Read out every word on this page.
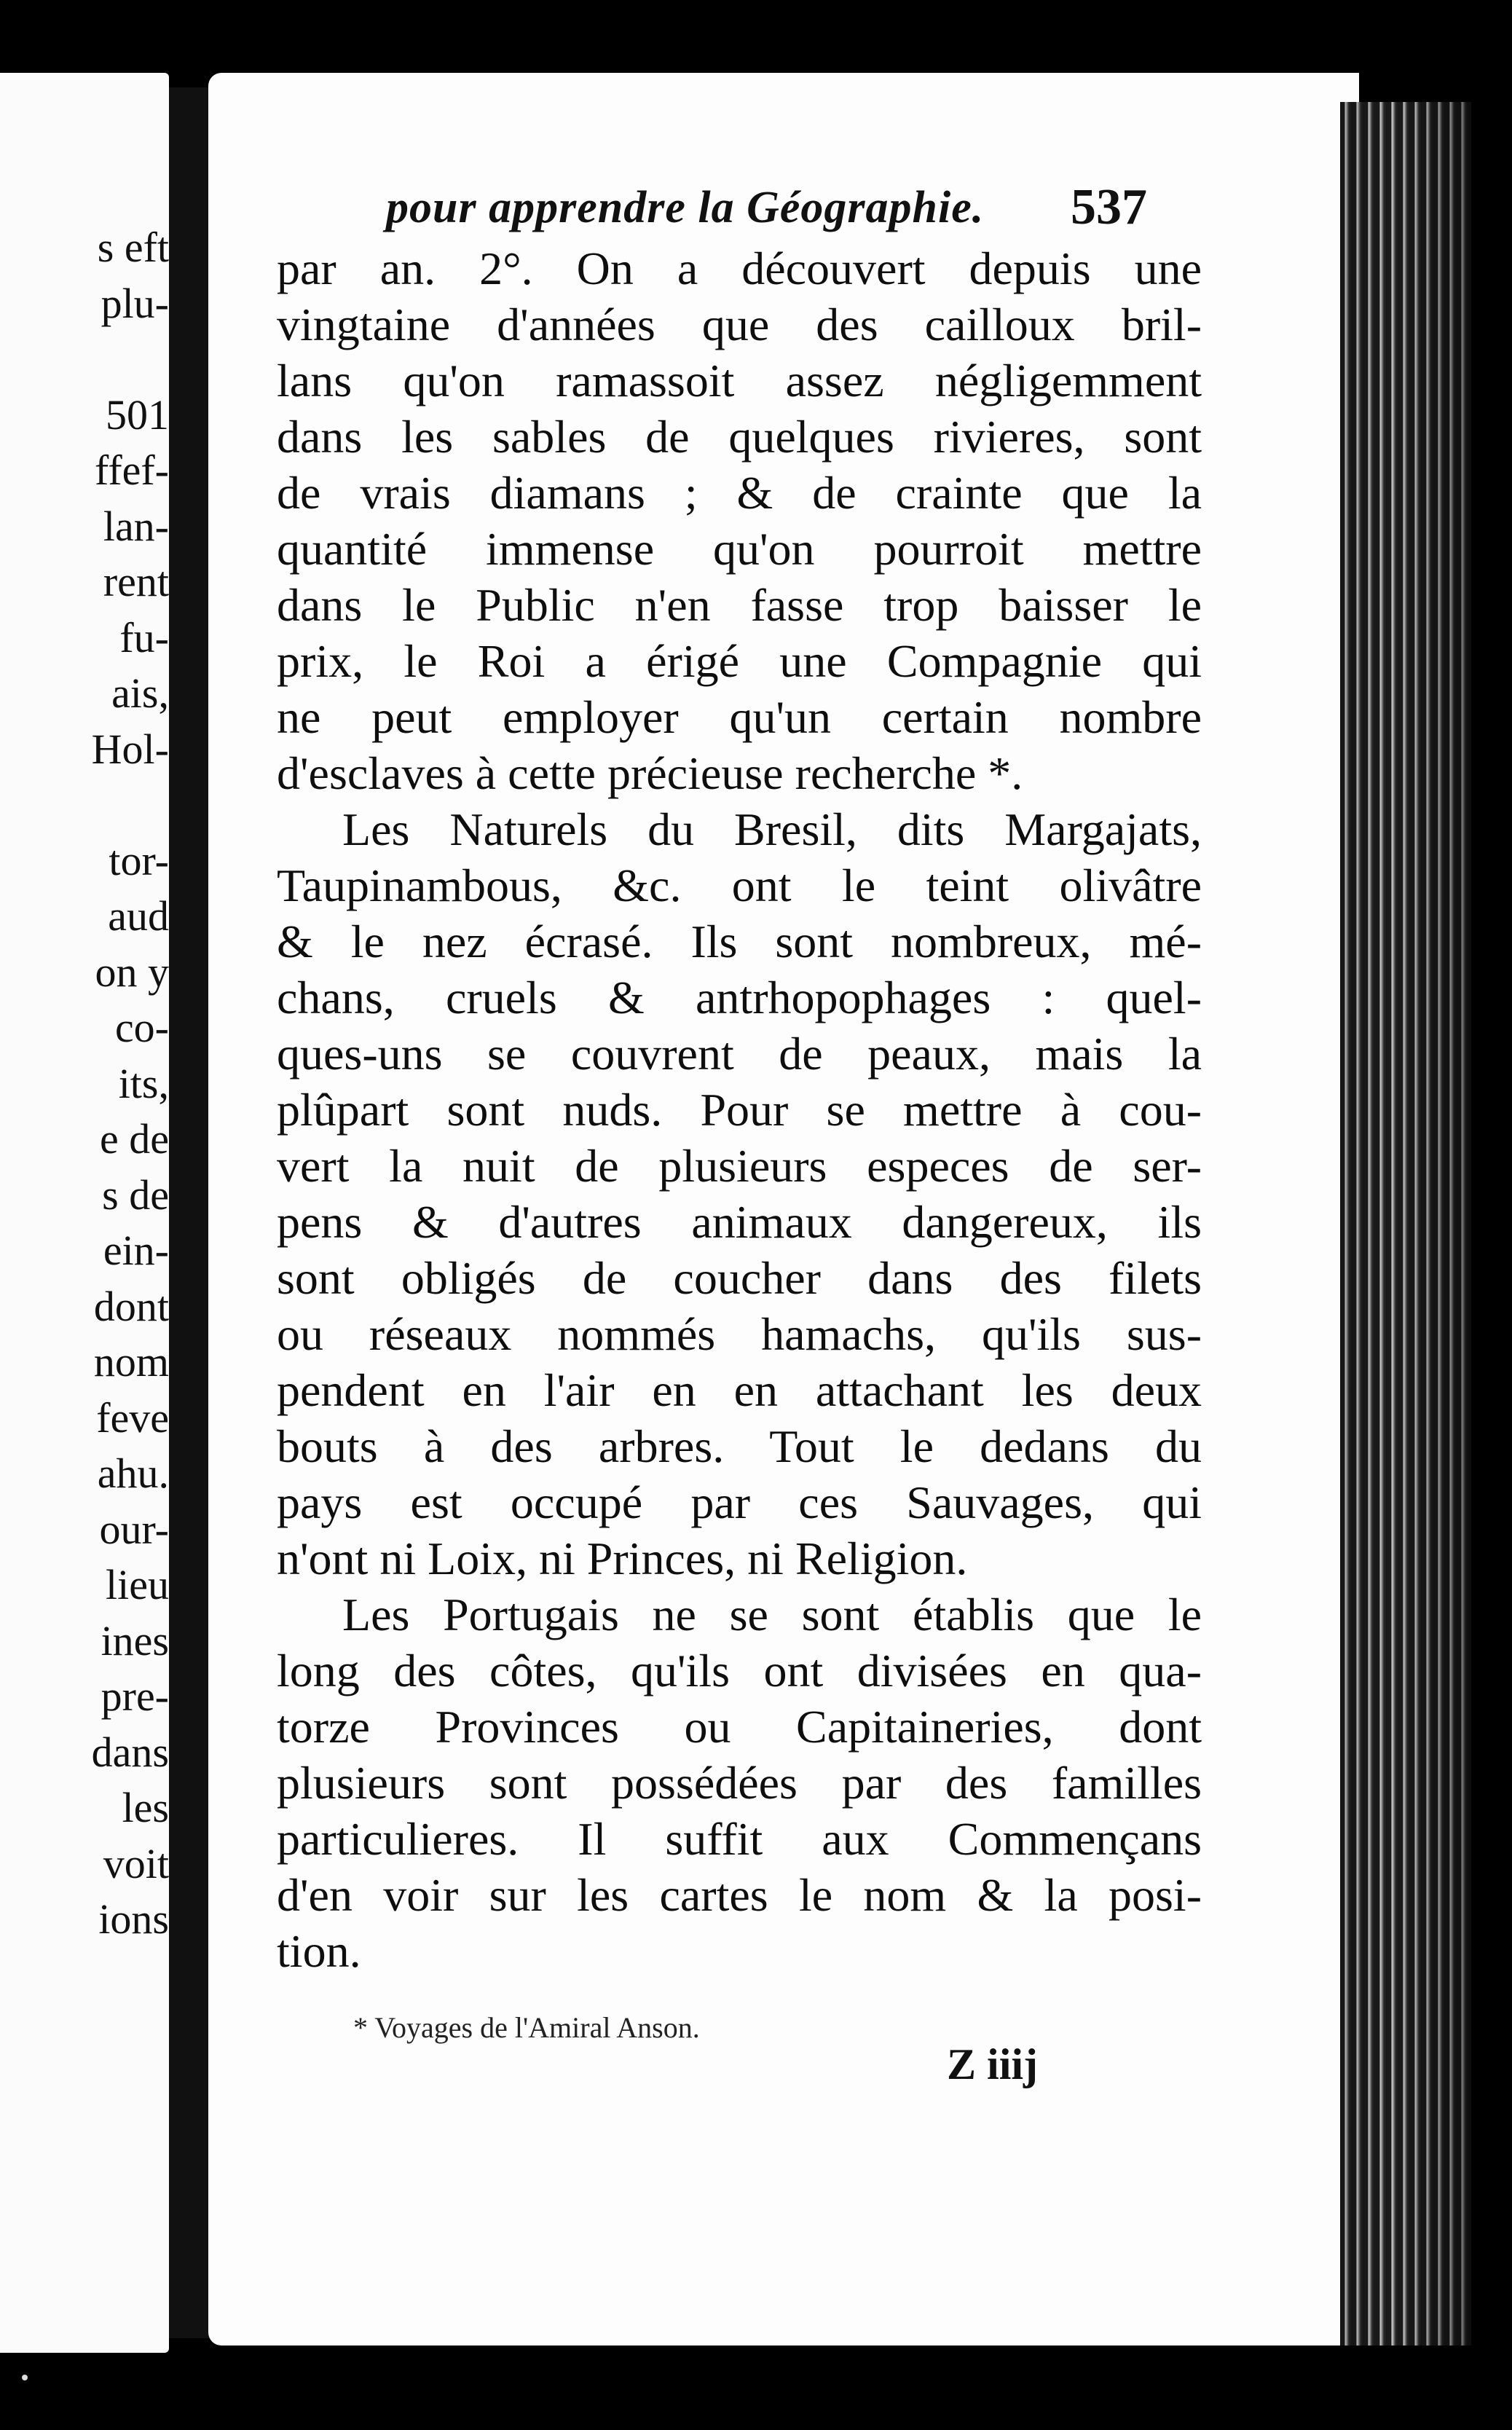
s eft
plu-
501
ffef-
lan-
rent
fu-
ais,
Hol-
tor-
aud
on y
co-
its,
e de
s de
ein-
dont
nom
feve
ahu.
our-
lieu
ines
pre-
dans
les
voit
ions
pour apprendre la Géographie.	537
par an. 2°. On a découvert depuis une
vingtaine d'années que des cailloux bril-
lans qu'on ramassoit assez négligemment
dans les sables de quelques rivieres, sont
de vrais diamans ; & de crainte que la
quantité immense qu'on pourroit mettre
dans le Public n'en fasse trop baisser le
prix, le Roi a érigé une Compagnie qui
ne peut employer qu'un certain nombre
d'esclaves à cette précieuse recherche *.
Les Naturels du Bresil, dits Margajats,
Taupinambous, &c. ont le teint olivâtre
& le nez écrasé. Ils sont nombreux, mé-
chans, cruels & antrhopophages : quel-
ques-uns se couvrent de peaux, mais la
plûpart sont nuds. Pour se mettre à cou-
vert la nuit de plusieurs especes de ser-
pens & d'autres animaux dangereux, ils
sont obligés de coucher dans des filets
ou réseaux nommés hamachs, qu'ils sus-
pendent en l'air en en attachant les deux
bouts à des arbres. Tout le dedans du
pays est occupé par ces Sauvages, qui
n'ont ni Loix, ni Princes, ni Religion.
Les Portugais ne se sont établis que le
long des côtes, qu'ils ont divisées en qua-
torze Provinces ou Capitaineries, dont
plusieurs sont possédées par des familles
particulieres. Il suffit aux Commençans
d'en voir sur les cartes le nom & la posi-
tion.
* Voyages de l'Amiral Anson.
Z iiij
